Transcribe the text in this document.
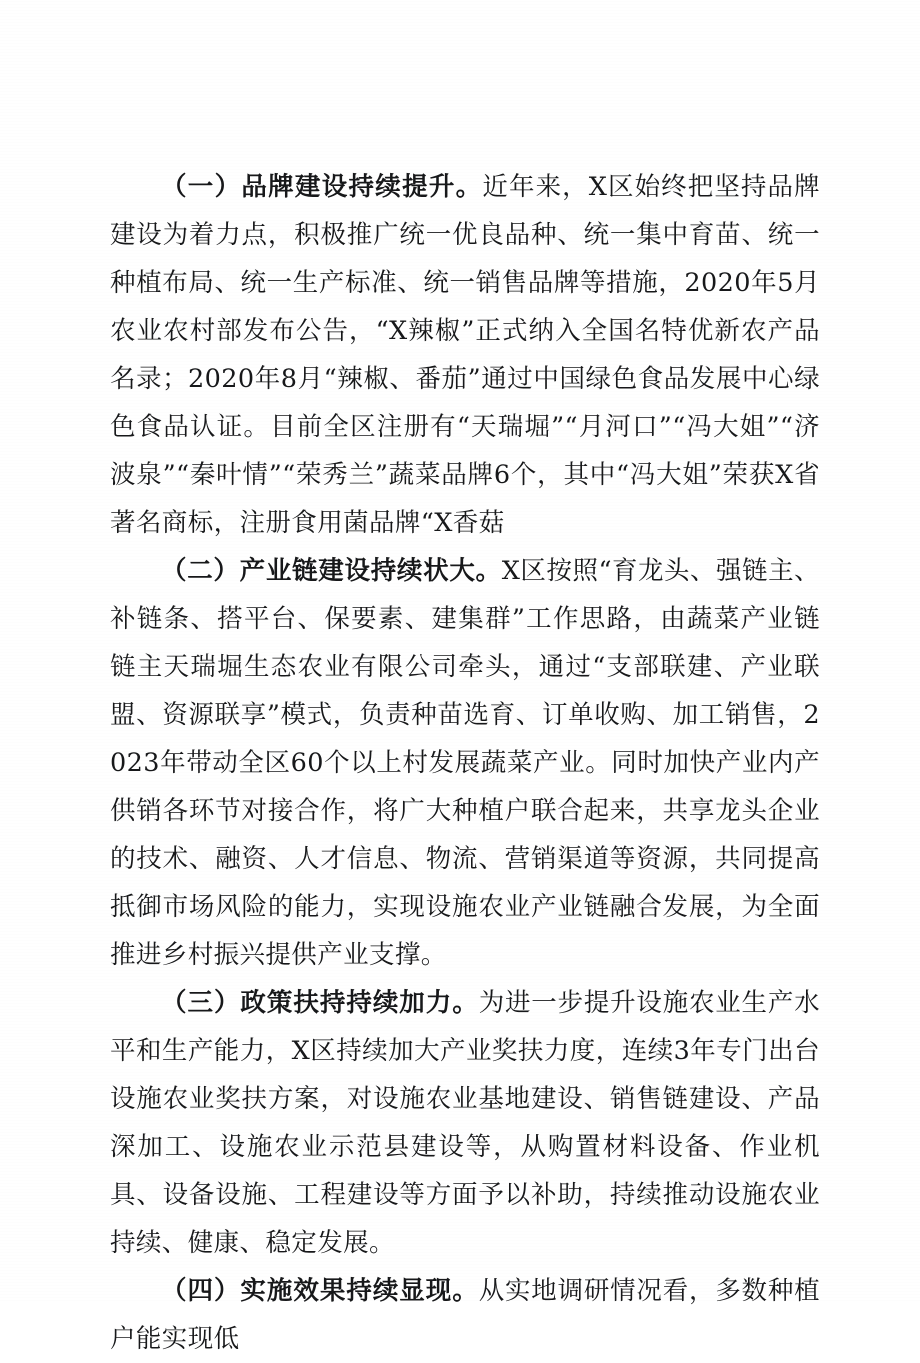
（一）品牌建设持续提升。近年来，X区始终把坚持品牌建设为着力点，积极推广统一优良品种、统一集中育苗、统一种植布局、统一生产标准、统一销售品牌等措施，2020年5月农业农村部发布公告，“X辣椒”正式纳入全国名特优新农产品名录；2020年8月“辣椒、番茄”通过中国绿色食品发展中心绿色食品认证。目前全区注册有“天瑞堀”“月河口”“冯大姐”“济波泉”“秦叶情”“荣秀兰”蔬菜品牌6个，其中“冯大姐”荣获X省著名商标，注册食用菌品牌“X香菇

（二）产业链建设持续状大。X区按照“育龙头、强链主、补链条、搭平台、保要素、建集群”工作思路，由蔬菜产业链链主天瑞堀生态农业有限公司牵头，通过“支部联建、产业联盟、资源联享”模式，负责种苗选育、订单收购、加工销售，2023年带动全区60个以上村发展蔬菜产业。同时加快产业内产供销各环节对接合作，将广大种植户联合起来，共享龙头企业的技术、融资、人才信息、物流、营销渠道等资源，共同提高抵御市场风险的能力，实现设施农业产业链融合发展，为全面推进乡村振兴提供产业支撑。

（三）政策扶持持续加力。为进一步提升设施农业生产水平和生产能力，X区持续加大产业奖扶力度，连续3年专门出台设施农业奖扶方案，对设施农业基地建设、销售链建设、产品深加工、设施农业示范县建设等，从购置材料设备、作业机具、设备设施、工程建设等方面予以补助，持续推动设施农业持续、健康、稳定发展。

（四）实施效果持续显现。从实地调研情况看，多数种植户能实现低
